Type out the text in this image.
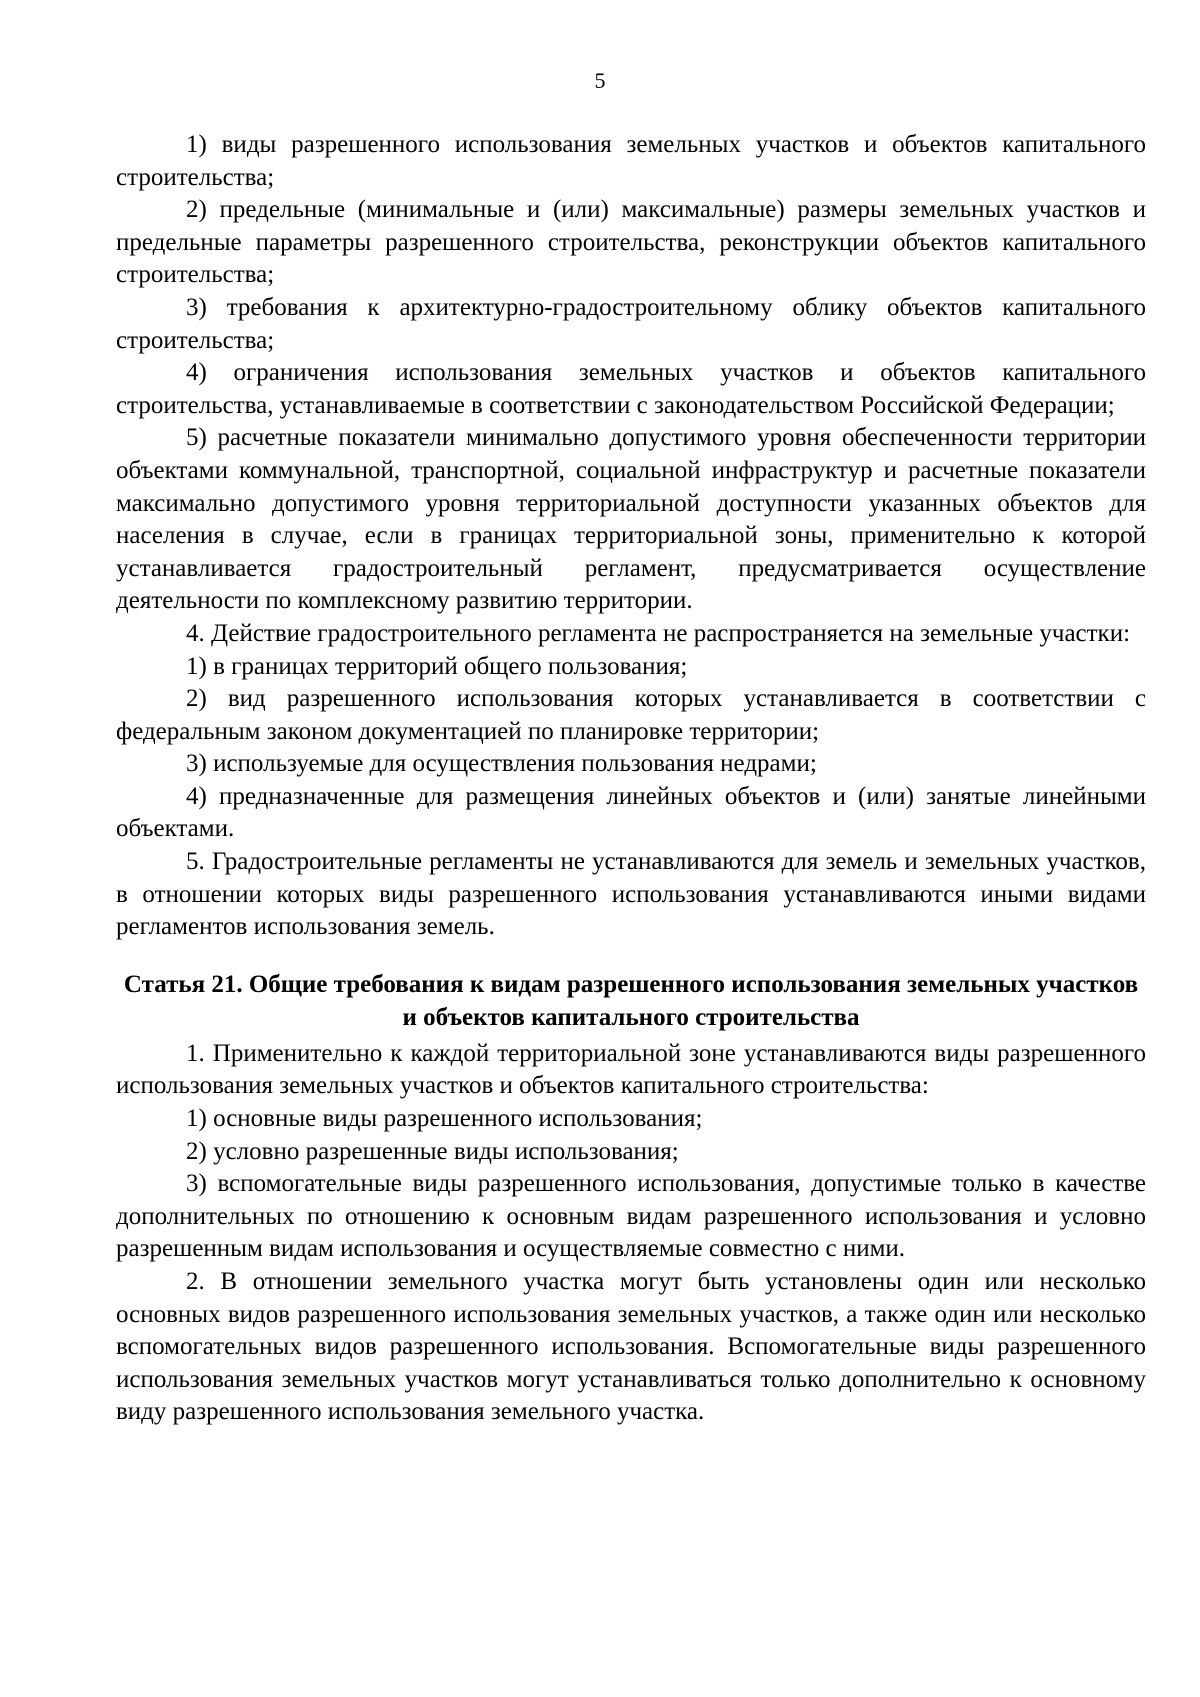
5

1) виды разрешенного использования земельных участков и объектов капитального строительства;

2) предельные (минимальные и (или) максимальные) размеры земельных участков и предельные параметры разрешенного строительства, реконструкции объектов капитального строительства;

3) требования к архитектурно-градостроительному облику объектов капитального строительства;

4) ограничения использования земельных участков и объектов капитального строительства, устанавливаемые в соответствии с законодательством Российской Федерации;

5) расчетные показатели минимально допустимого уровня обеспеченности территории объектами коммунальной, транспортной, социальной инфраструктур и расчетные показатели максимально допустимого уровня территориальной доступности указанных объектов для населения в случае, если в границах территориальной зоны, применительно к которой устанавливается градостроительный регламент, предусматривается осуществление деятельности по комплексному развитию территории.

4. Действие градостроительного регламента не распространяется на земельные участки:

1) в границах территорий общего пользования;

2) вид разрешенного использования которых устанавливается в соответствии с федеральным законом документацией по планировке территории;

3) используемые для осуществления пользования недрами;

4) предназначенные для размещения линейных объектов и (или) занятые линейными объектами.

5. Градостроительные регламенты не устанавливаются для земель и земельных участков, в отношении которых виды разрешенного использования устанавливаются иными видами регламентов использования земель.

Статья 21. Общие требования к видам разрешенного использования земельных участков и объектов капитального строительства

1. Применительно к каждой территориальной зоне устанавливаются виды разрешенного использования земельных участков и объектов капитального строительства:

1) основные виды разрешенного использования;

2) условно разрешенные виды использования;

3) вспомогательные виды разрешенного использования, допустимые только в качестве дополнительных по отношению к основным видам разрешенного использования и условно разрешенным видам использования и осуществляемые совместно с ними.

2. В отношении земельного участка могут быть установлены один или несколько основных видов разрешенного использования земельных участков, а также один или несколько вспомогательных видов разрешенного использования. Вспомогательные виды разрешенного использования земельных участков могут устанавливаться только дополнительно к основному виду разрешенного использования земельного участка.
